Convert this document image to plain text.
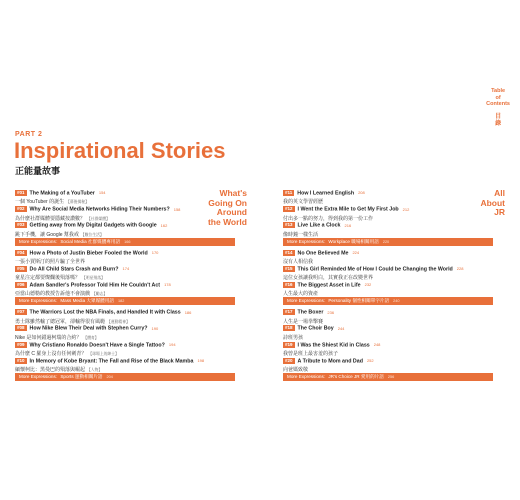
Table
of
Contents
目
錄
PART 2
Inspirational Stories
正能量故事
What's
Going On
Around
the World
All
About
JR
#01 The Making of a YouTuber 154
一個 YouTuber 的誕生 【幕後揭秘】
#02 Why Are Social Media Networks Hiding Their Numbers? 158
為什麼社群媒體要隱藏按讚數？ 【社群媒體】
#03 Getting away from My Digital Gadgets with Google 162
跳下手機，讓 Google 幫我戒 【數位生活】
More Expressions：Social Media 社群媒體專用語 166
#04 How a Photo of Justin Bieber Fooled the World 170
一張小賈斯汀的照片騙了全世界
#05 Do All Child Stars Crash and Burn? 174
童星注定都要燦爛後殞落嗎？ 【明星殞落】
#06 Adam Sandler's Professor Told Him He Couldn't Act 178
亞當山德勒的教授告訴他不會演戲 【勵志】
More Expressions：Mass Media 大眾媒體用語 182
#07 The Warriors Lost the NBA Finals, and Handled It with Class 186
勇士隊雖然輸了總冠軍，卻輸得很有風範 【運動精神】
#08 How Nike Blew Their Deal with Stephen Curry? 190
Nike 是如何錯過柯瑞的合約？ 【體育】
#09 Why Cristiano Ronaldo Doesn't Have a Single Tattoo? 194
為什麼 C 羅身上沒有任何刺青？ 【球場上的紳士】
#10 In Memory of Kobe Bryant: The Fall and Rise of the Black Mamba 198
緬懷柯比：黑曼巴的殞落與崛起 【人物】
More Expressions：Sports 運動相關片語 204
#11 How I Learned English 208
我的英文學習經歷
#12 I Went the Extra Mile to Get My First Job 212
付出多一點的努力，得到我的第一份工作
#13 Live Like a Clock 216
像時鐘一樣生活
More Expressions：Workplace 職場相關用語 220
#14 No One Believed Me 224
沒有人相信我
#15 This Girl Reminded Me of How I Could be Changing the World 228
這位女孩讓我明白，其實我正在改變世界
#16 The Biggest Asset in Life 232
人生最大的資產
More Expressions：Personality 個性相關單字片語 240
#17 The Boxer 236
人生是一場拳擊賽
#18 The Choir Boy 244
詩班男孩
#19 I Was the Shiest Kid in Class 248
我曾是班上最害羞的孩子
#20 A Tribute to Mom and Dad 252
向爸媽致敬
More Expressions：JR's Choice JR 愛用的片語 256
